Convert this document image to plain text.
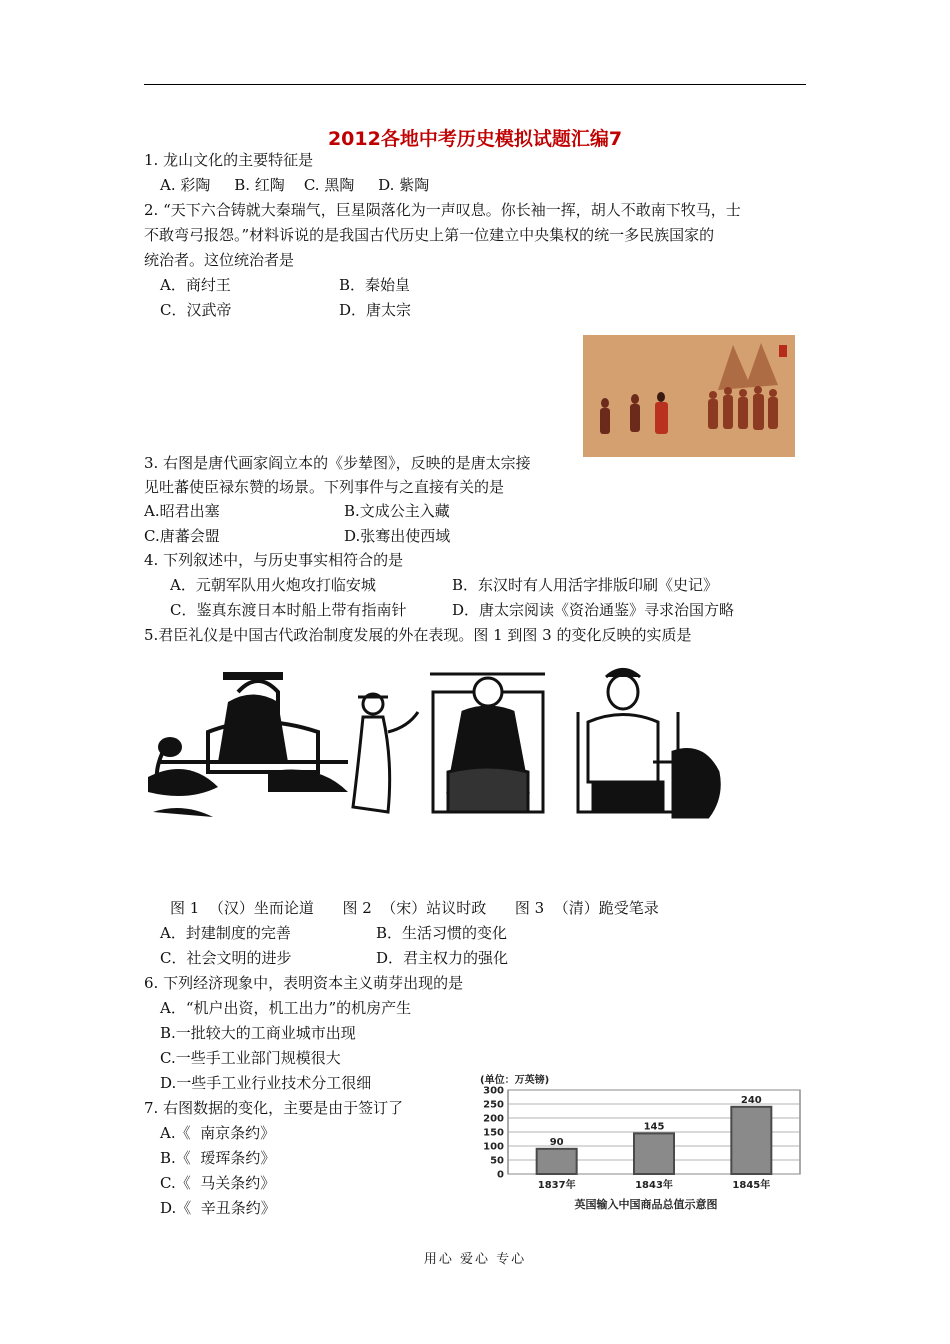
2012各地中考历史模拟试题汇编7
1. 龙山文化的主要特征是
A. 彩陶     B. 红陶    C. 黑陶     D. 紫陶
2. “天下六合铸就大秦瑞气，巨星陨落化为一声叹息。你长袖一挥，胡人不敢南下牧马，士
不敢弯弓报怨。”材料诉说的是我国古代历史上第一位建立中央集权的统一多民族国家的
统治者。这位统治者是
A．商纣王	B．秦始皇
C．汉武帝	D．唐太宗
3. 右图是唐代画家阎立本的《步辇图》，反映的是唐太宗接
见吐蕃使臣禄东赞的场景。下列事件与之直接有关的是
A.昭君出塞	B.文成公主入藏
C.唐蕃会盟	D.张骞出使西域
4. 下列叙述中，与历史事实相符合的是
A．元朝军队用火炮攻打临安城	B．东汉时有人用活字排版印刷《史记》
C．鉴真东渡日本时船上带有指南针	D．唐太宗阅读《资治通鉴》寻求治国方略
5.君臣礼仪是中国古代政治制度发展的外在表现。图 1 到图 3 的变化反映的实质是
图 1  （汉）坐而论道      图 2  （宋）站议时政      图 3  （清）跪受笔录
A．封建制度的完善	B．生活习惯的变化
C．社会文明的进步	D．君主权力的强化
6. 下列经济现象中，表明资本主义萌芽出现的是
A．“机户出资，机工出力”的机房产生
B.一批较大的工商业城市出现
C.一些手工业部门规模很大
D.一些手工业行业技术分工很细
7. 右图数据的变化，主要是由于签订了
A.《  南京条约》
B.《  瑷珲条约》
C.《  马关条约》
D.《  辛丑条约》
(单位：万英镑)
0
50
100
150
200
250
300
90
145
240
1837年	1843年	1845年
英国输入中国商品总值示意图
用心 爱心 专心
